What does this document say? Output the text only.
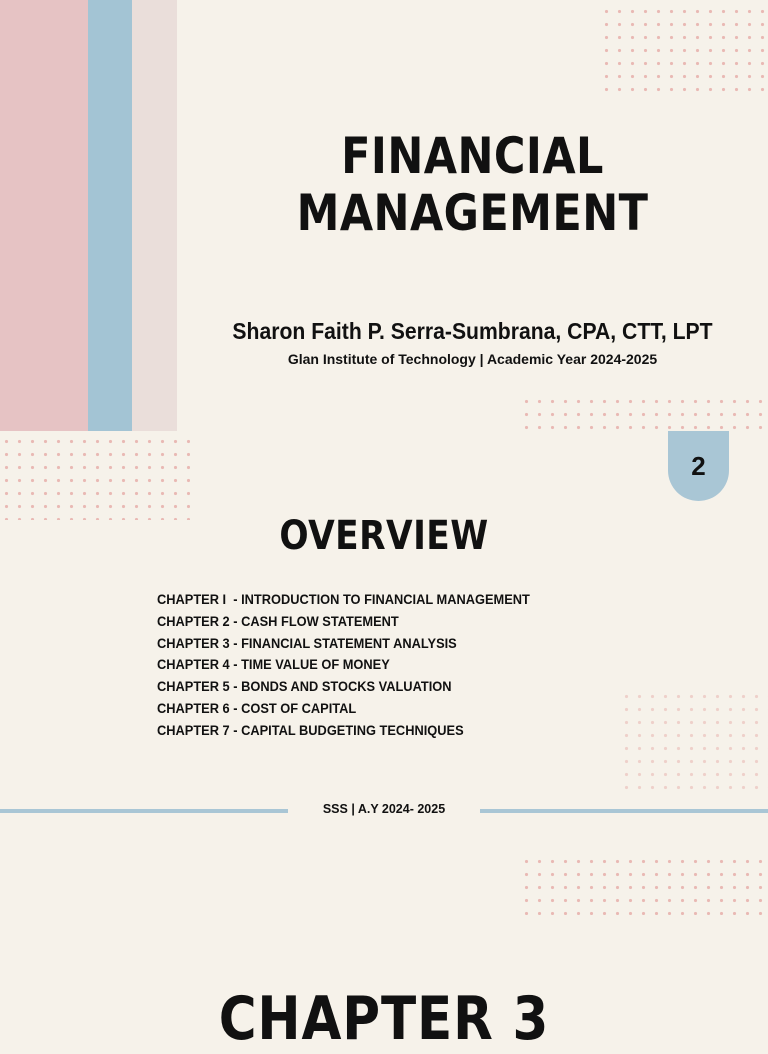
FINANCIAL
MANAGEMENT
Sharon Faith P. Serra-Sumbrana, CPA, CTT, LPT
Glan Institute of Technology | Academic Year 2024-2025
2
OVERVIEW
CHAPTER I  - INTRODUCTION TO FINANCIAL MANAGEMENT
CHAPTER 2 - CASH FLOW STATEMENT
CHAPTER 3 - FINANCIAL STATEMENT ANALYSIS
CHAPTER 4 - TIME VALUE OF MONEY
CHAPTER 5 - BONDS AND STOCKS VALUATION
CHAPTER 6 - COST OF CAPITAL
CHAPTER 7 - CAPITAL BUDGETING TECHNIQUES
SSS | A.Y 2024- 2025
CHAPTER 3
